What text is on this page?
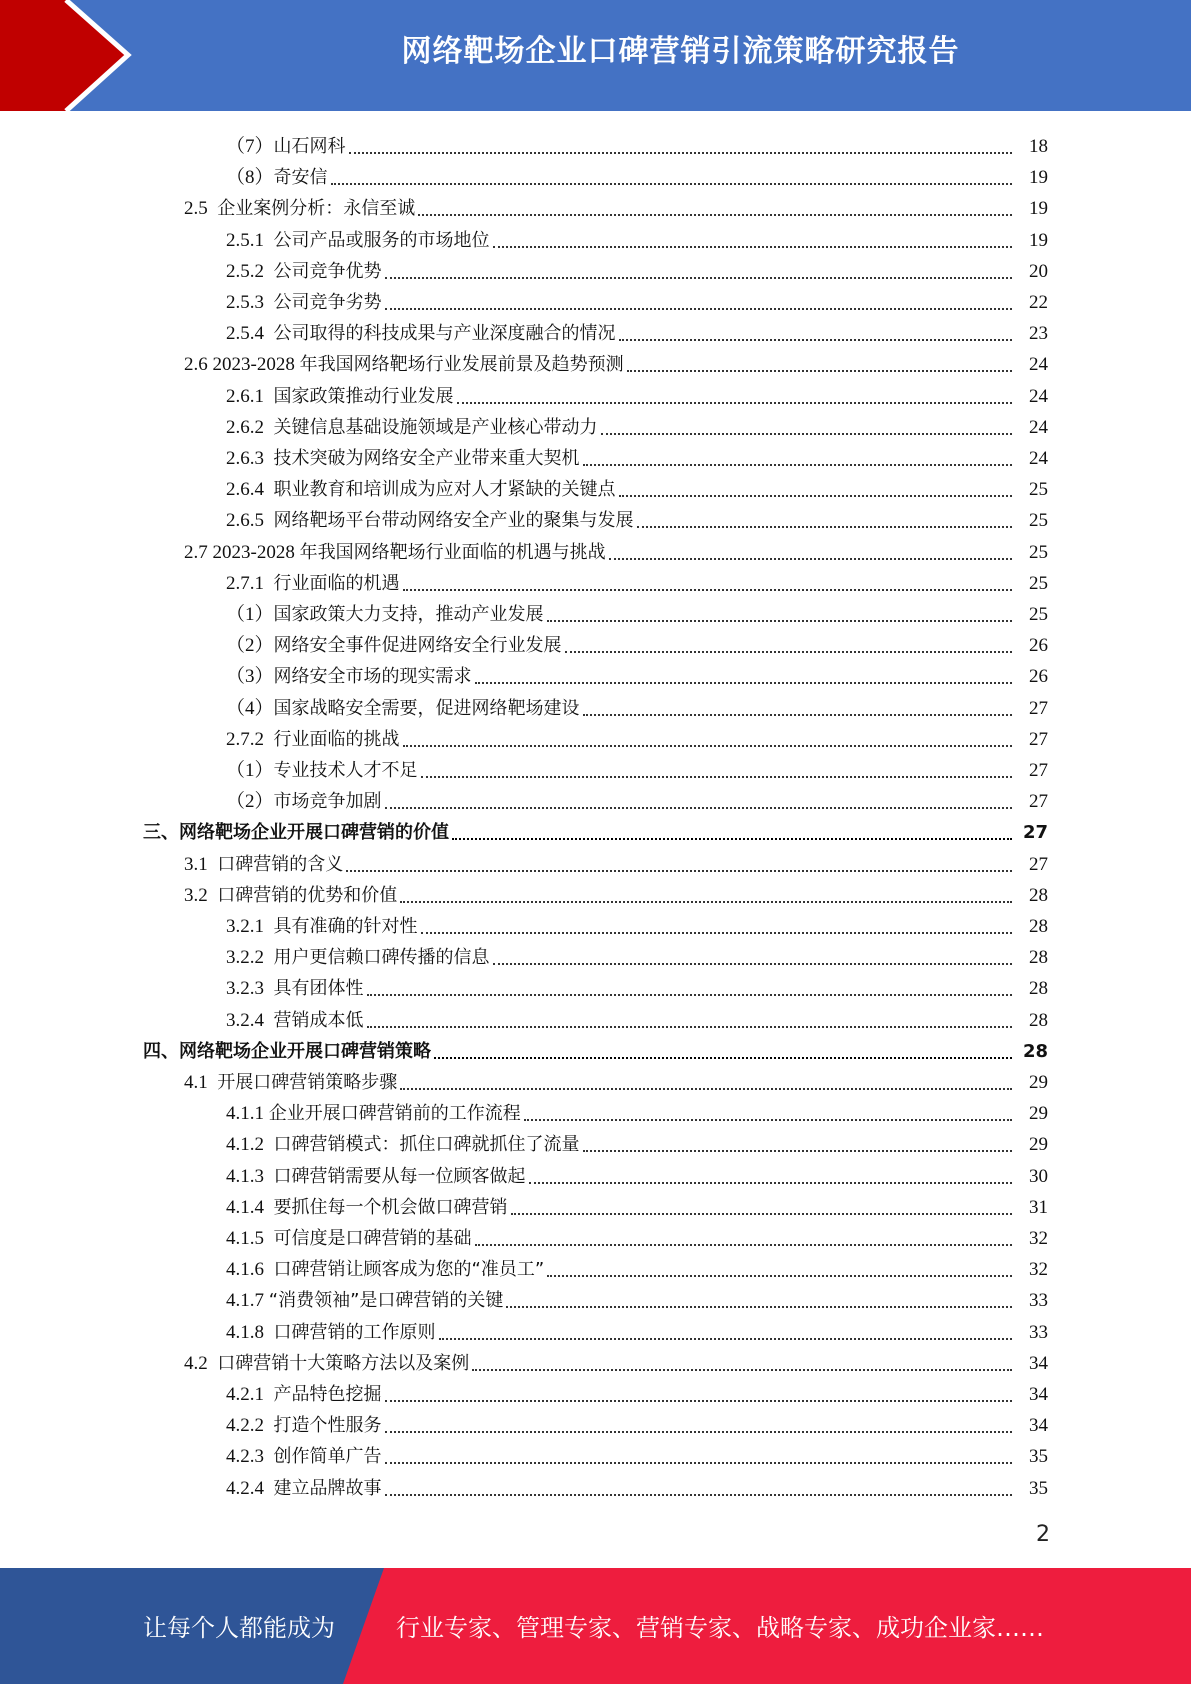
网络靶场企业口碑营销引流策略研究报告
（7） 山石网科	18
（8） 奇安信	19
2.5 企业案例分析：永信至诚	19
2.5.1 公司产品或服务的市场地位	19
2.5.2 公司竞争优势	20
2.5.3 公司竞争劣势	22
2.5.4 公司取得的科技成果与产业深度融合的情况	23
2.6 2023-2028 年我国网络靶场行业发展前景及趋势预测	24
2.6.1 国家政策推动行业发展	24
2.6.2 关键信息基础设施领域是产业核心带动力	24
2.6.3 技术突破为网络安全产业带来重大契机	24
2.6.4 职业教育和培训成为应对人才紧缺的关键点	25
2.6.5 网络靶场平台带动网络安全产业的聚集与发展	25
2.7 2023-2028 年我国网络靶场行业面临的机遇与挑战	25
2.7.1 行业面临的机遇	25
（1） 国家政策大力支持，推动产业发展	25
（2） 网络安全事件促进网络安全行业发展	26
（3） 网络安全市场的现实需求	26
（4） 国家战略安全需要，促进网络靶场建设	27
2.7.2 行业面临的挑战	27
（1） 专业技术人才不足	27
（2） 市场竞争加剧	27
三、网络靶场企业开展口碑营销的价值	27
3.1 口碑营销的含义	27
3.2 口碑营销的优势和价值	28
3.2.1 具有准确的针对性	28
3.2.2 用户更信赖口碑传播的信息	28
3.2.3 具有团体性	28
3.2.4 营销成本低	28
四、网络靶场企业开展口碑营销策略	28
4.1 开展口碑营销策略步骤	29
4.1.1 企业开展口碑营销前的工作流程	29
4.1.2 口碑营销模式：抓住口碑就抓住了流量	29
4.1.3 口碑营销需要从每一位顾客做起	30
4.1.4 要抓住每一个机会做口碑营销	31
4.1.5 可信度是口碑营销的基础	32
4.1.6 口碑营销让顾客成为您的“准员工”	32
4.1.7 “消费领袖”是口碑营销的关键	33
4.1.8 口碑营销的工作原则	33
4.2 口碑营销十大策略方法以及案例	34
4.2.1 产品特色挖掘	34
4.2.2 打造个性服务	34
4.2.3 创作简单广告	35
4.2.4 建立品牌故事	35
2
让每个人都能成为	行业专家、管理专家、营销专家、战略专家、成功企业家……
